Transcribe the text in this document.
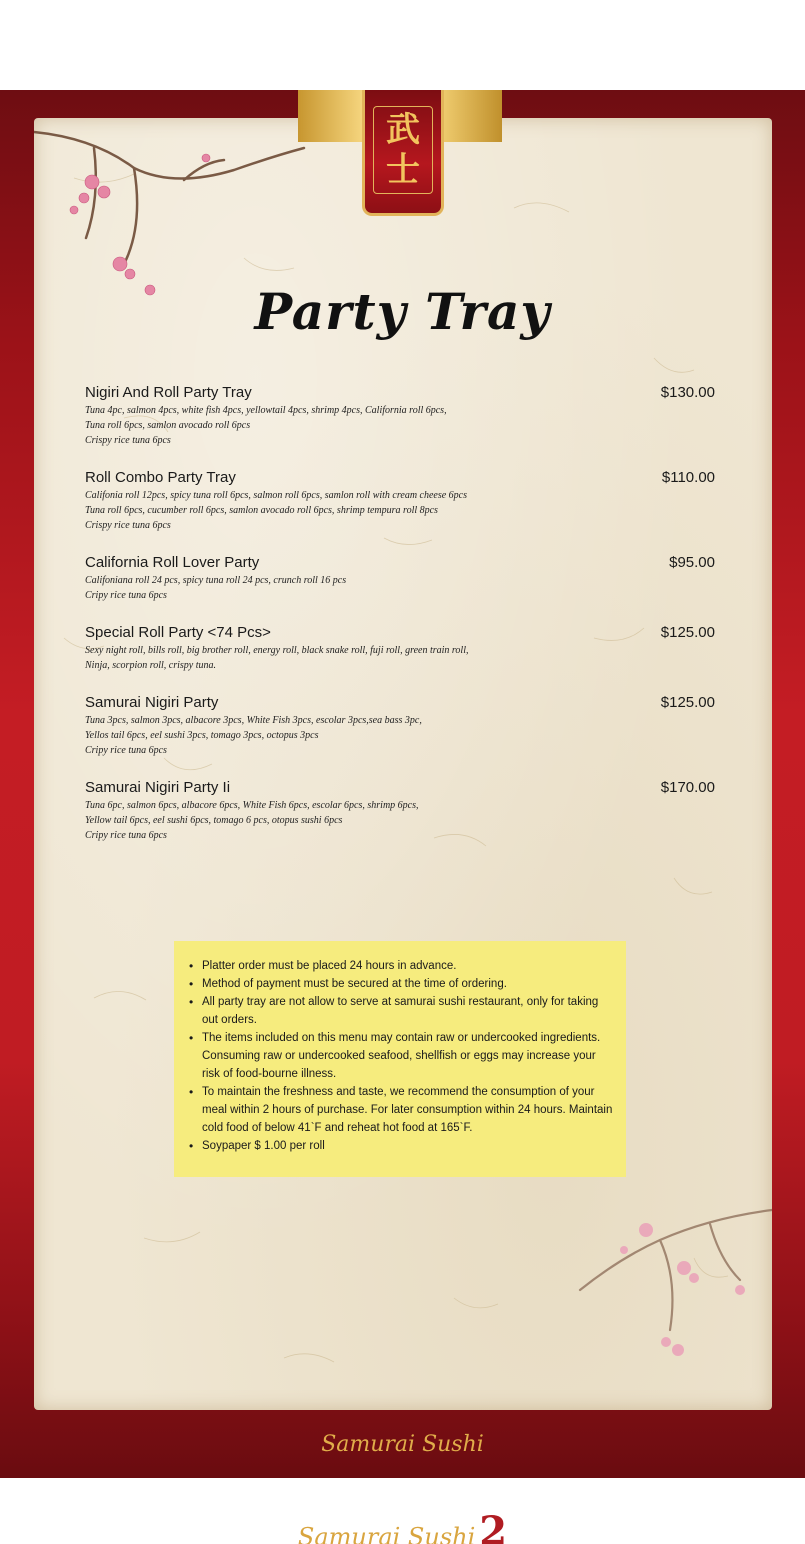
武
士
Party Tray
Nigiri And Roll Party Tray	$130.00
Tuna 4pc, salmon 4pcs, white fish 4pcs, yellowtail 4pcs, shrimp 4pcs, California roll 6pcs,
Tuna roll 6pcs, samlon avocado roll 6pcs
Crispy rice tuna 6pcs
Roll Combo Party Tray	$110.00
Califonia roll 12pcs, spicy tuna roll 6pcs, salmon roll 6pcs, samlon roll with cream cheese 6pcs
Tuna roll 6pcs, cucumber roll 6pcs, samlon avocado roll 6pcs, shrimp tempura roll 8pcs
Crispy rice tuna 6pcs
California Roll Lover Party	$95.00
Califoniana roll 24 pcs, spicy tuna roll 24 pcs, crunch roll 16 pcs
Cripy rice tuna 6pcs
Special Roll Party <74 Pcs>	$125.00
Sexy night roll, bills roll, big brother roll, energy roll, black snake roll, fuji roll, green train roll,
Ninja, scorpion roll, crispy tuna.
Samurai Nigiri Party	$125.00
Tuna 3pcs, salmon 3pcs, albacore 3pcs, White Fish 3pcs, escolar 3pcs,sea bass 3pc,
Yellos tail 6pcs, eel sushi 3pcs, tomago 3pcs, octopus 3pcs
Cripy rice tuna 6pcs
Samurai Nigiri Party Ii	$170.00
Tuna 6pc, salmon 6pcs, albacore 6pcs, White Fish 6pcs, escolar 6pcs, shrimp 6pcs,
Yellow tail 6pcs, eel sushi 6pcs, tomago 6 pcs, otopus sushi 6pcs
Cripy rice tuna 6pcs
• Platter order must be placed 24 hours in advance.
• Method of payment must be secured at the time of ordering.
• All party tray are not allow to serve at samurai sushi restaurant, only for taking out orders.
• The items included on this menu may contain raw or undercooked ingredients. Consuming raw or undercooked seafood, shellfish or eggs may increase your risk of food-bourne illness.
• To maintain the freshness and taste, we recommend the consumption of your meal within 2 hours of purchase. For later consumption within 24 hours. Maintain cold food of below 41`F and reheat hot food at 165`F.
• Soypaper $ 1.00 per roll
Samurai Sushi
Samurai Sushi 2
